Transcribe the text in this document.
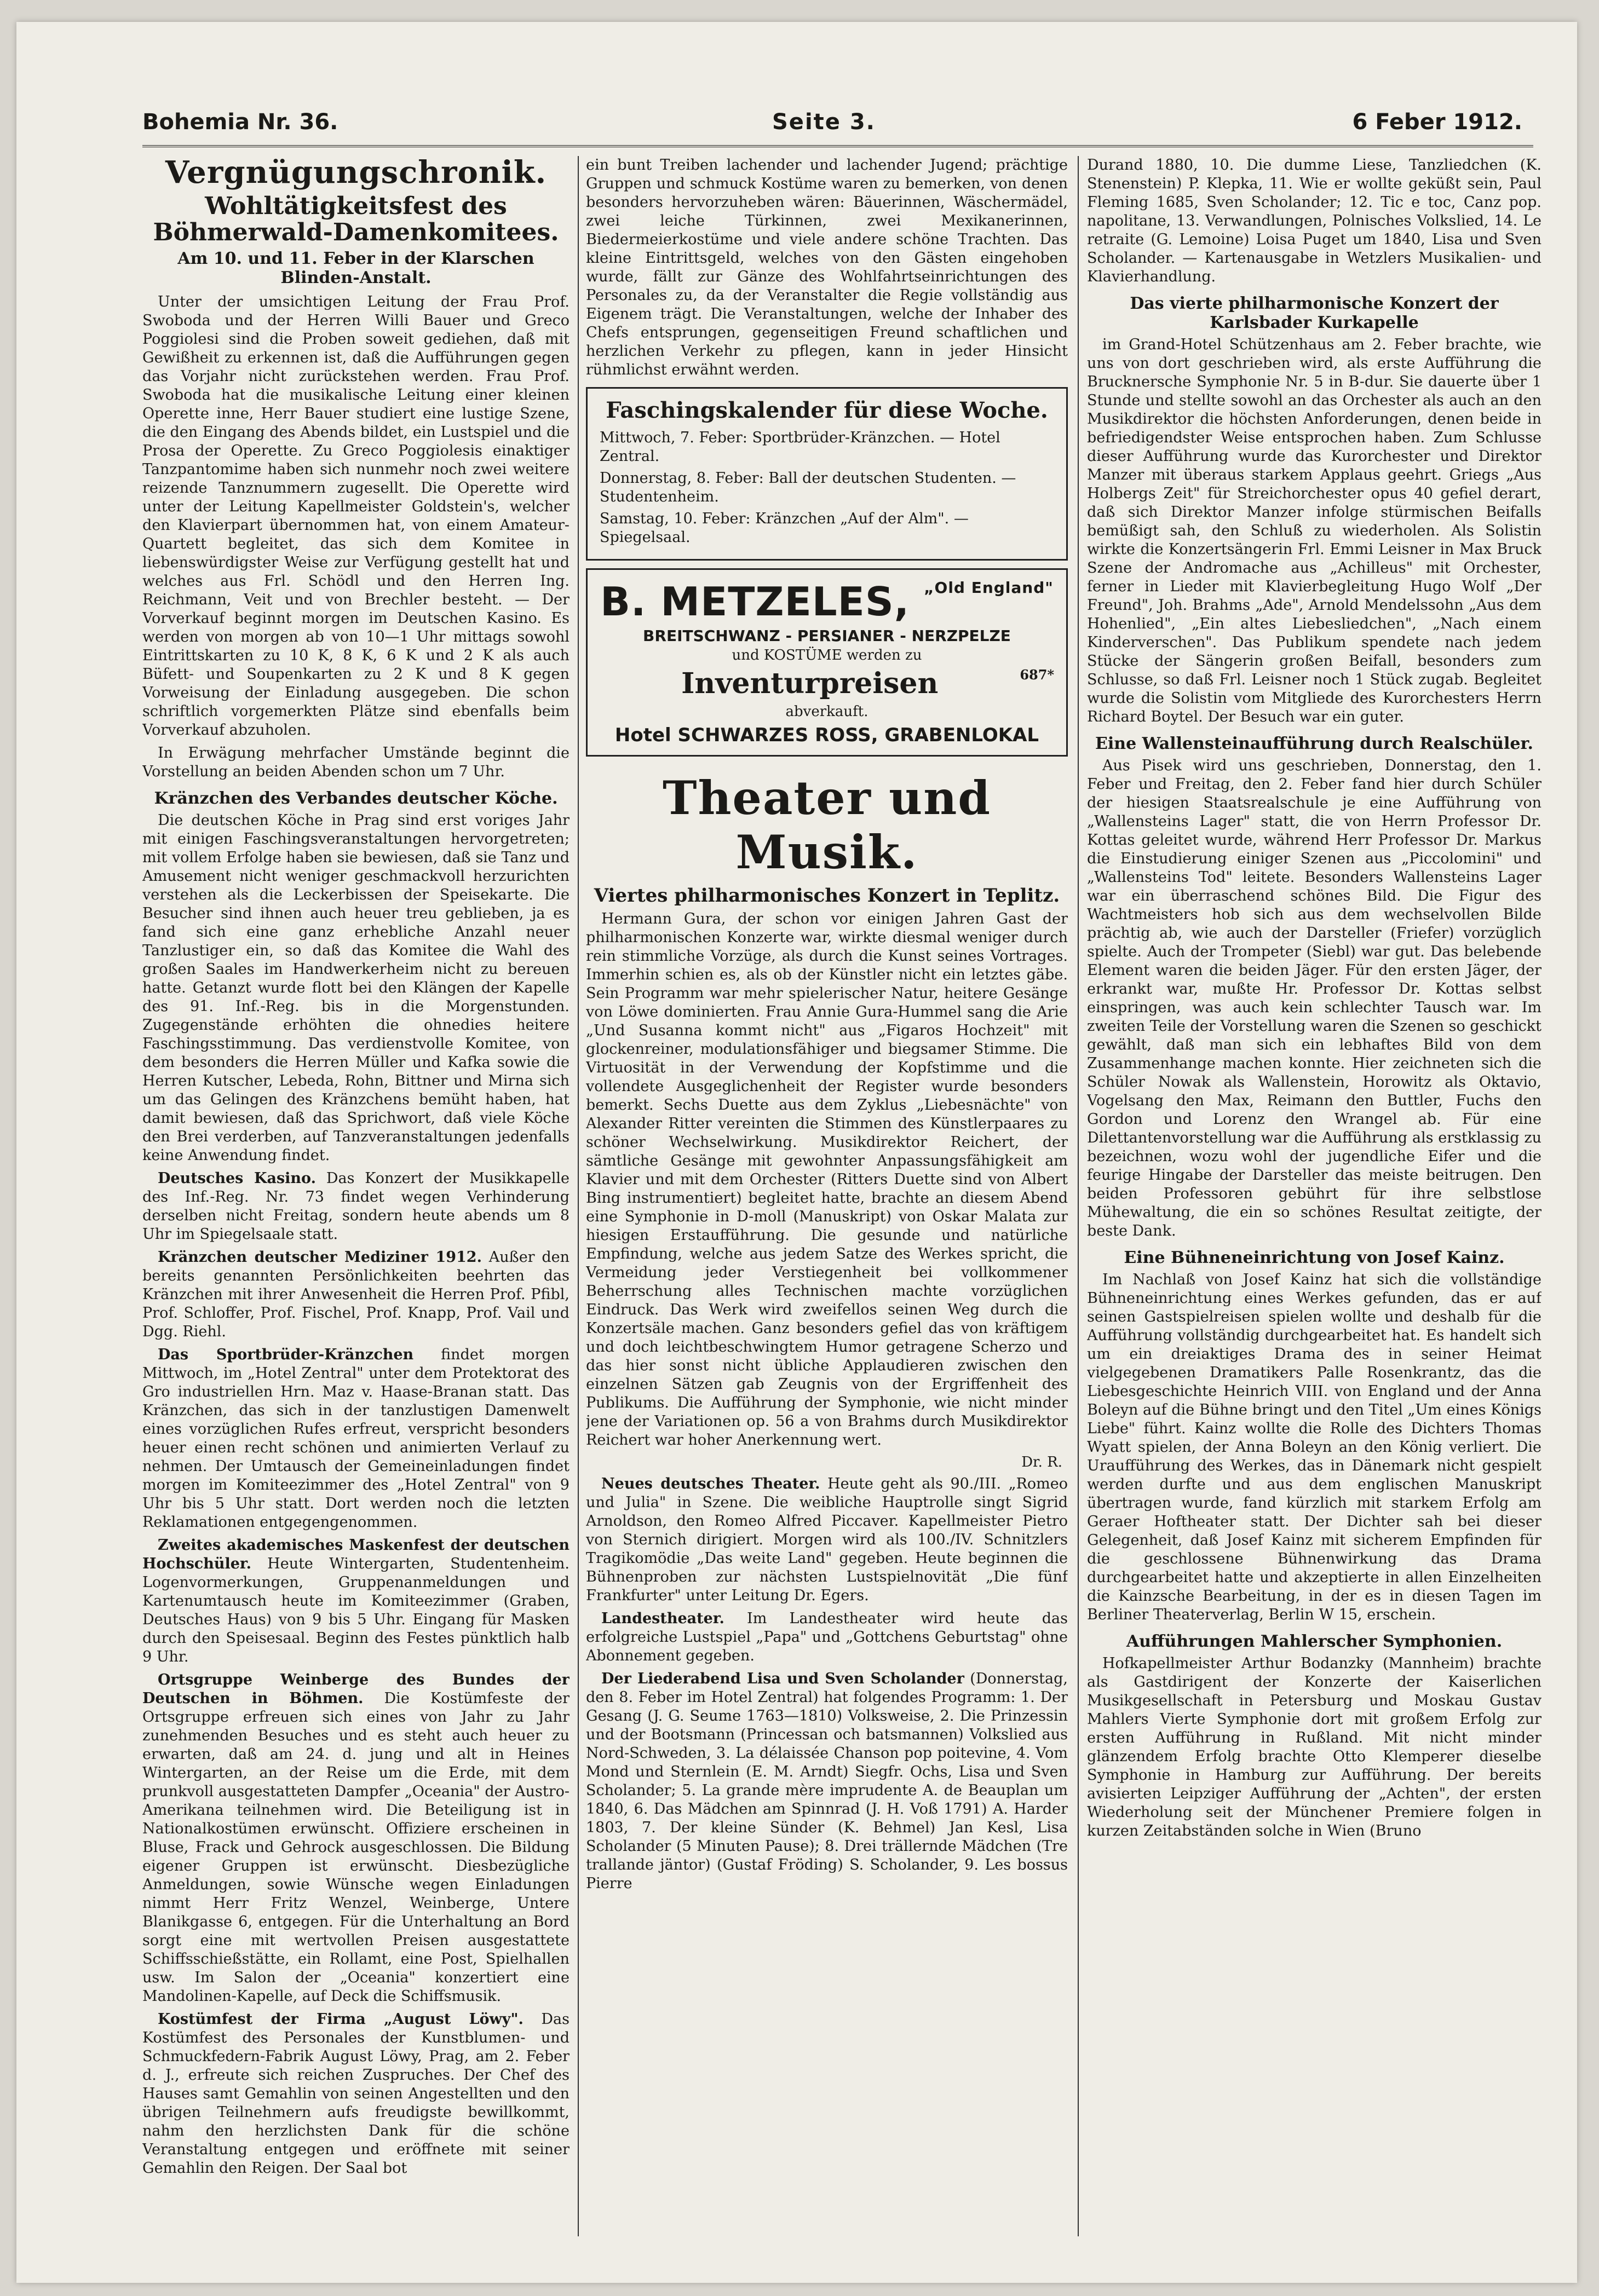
Bohemia Nr. 36.	Seite 3.	6 Feber 1912.
Vergnügungschronik.
Wohltätigkeitsfest des Böhmerwald-Damenkomitees.
Am 10. und 11. Feber in der Klarschen Blinden-Anstalt.

Unter der umsichtigen Leitung der Frau Prof. Swoboda und der Herren Willi Bauer und Greco Poggiolesi sind die Proben soweit gediehen, daß mit Gewißheit zu erkennen ist, daß die Aufführungen gegen das Vorjahr nicht zurückstehen werden. Frau Prof. Swoboda hat die musikalische Leitung einer kleinen Operette inne, Herr Bauer studiert eine lustige Szene, die den Eingang des Abends bildet, ein Lustspiel und die Prosa der Operette. Zu Greco Poggiolesis einaktiger Tanzpantomime haben sich nunmehr noch zwei weitere reizende Tanznummern zugesellt. Die Operette wird unter der Leitung Kapellmeister Goldstein's, welcher den Klavierpart übernommen hat, von einem Amateur-Quartett begleitet, das sich dem Komitee in liebenswürdigster Weise zur Verfügung gestellt hat und welches aus Frl. Schödl und den Herren Ing. Reichmann, Veit und von Brechler besteht. — Der Vorverkauf beginnt morgen im Deutschen Kasino. Es werden von morgen ab von 10—1 Uhr mittags sowohl Eintrittskarten zu 10 K, 8 K, 6 K und 2 K als auch Büfett- und Soupenkarten zu 2 K und 8 K gegen Vorweisung der Einladung ausgegeben. Die schon schriftlich vorgemerkten Plätze sind ebenfalls beim Vorverkauf abzuholen.

In Erwägung mehrfacher Umstände beginnt die Vorstellung an beiden Abenden schon um 7 Uhr.

Kränzchen des Verbandes deutscher Köche.

Die deutschen Köche in Prag sind erst voriges Jahr mit einigen Faschingsveranstaltungen hervorgetreten; mit vollem Erfolge haben sie bewiesen, daß sie Tanz und Amusement nicht weniger geschmackvoll herzurichten verstehen als die Leckerbissen der Speisekarte. Die Besucher sind ihnen auch heuer treu geblieben, ja es fand sich eine ganz erhebliche Anzahl neuer Tanzlustiger ein, so daß das Komitee die Wahl des großen Saales im Handwerkerheim nicht zu bereuen hatte. Getanzt wurde flott bei den Klängen der Kapelle des 91. Inf.-Reg. bis in die Morgenstunden. Zugegenstände erhöhten die ohnedies heitere Faschingsstimmung. Das verdienstvolle Komitee, von dem besonders die Herren Müller und Kafka sowie die Herren Kutscher, Lebeda, Rohn, Bittner und Mirna sich um das Gelingen des Kränzchens bemüht haben, hat damit bewiesen, daß das Sprichwort, daß viele Köche den Brei verderben, auf Tanzveranstaltungen jedenfalls keine Anwendung findet.

Deutsches Kasino. Das Konzert der Musikkapelle des Inf.-Reg. Nr. 73 findet wegen Verhinderung derselben nicht Freitag, sondern heute abends um 8 Uhr im Spiegelsaale statt.

Kränzchen deutscher Mediziner 1912. Außer den bereits genannten Persönlichkeiten beehrten das Kränzchen mit ihrer Anwesenheit die Herren Prof. Pfibl, Prof. Schloffer, Prof. Fischel, Prof. Knapp, Prof. Vail und Dgg. Riehl.

Das Sportbrüder-Kränzchen findet morgen Mittwoch, im „Hotel Zentral" unter dem Protektorat des Gro industriellen Hrn. Maz v. Haase-Branan statt. Das Kränzchen, das sich in der tanzlustigen Damenwelt eines vorzüglichen Rufes erfreut, verspricht besonders heuer einen recht schönen und animierten Verlauf zu nehmen. Der Umtausch der Gemeineinladungen findet morgen im Komiteezimmer des „Hotel Zentral" von 9 Uhr bis 5 Uhr statt. Dort werden noch die letzten Reklamationen entgegengenommen.

Zweites akademisches Maskenfest der deutschen Hochschüler. Heute Wintergarten, Studentenheim. Logenvormerkungen, Gruppenanmeldungen und Kartenumtausch heute im Komiteezimmer (Graben, Deutsches Haus) von 9 bis 5 Uhr. Eingang für Masken durch den Speisesaal. Beginn des Festes pünktlich halb 9 Uhr.

Ortsgruppe Weinberge des Bundes der Deutschen in Böhmen. Die Kostümfeste der Ortsgruppe erfreuen sich eines von Jahr zu Jahr zunehmenden Besuches und es steht auch heuer zu erwarten, daß am 24. d. jung und alt in Heines Wintergarten, an der Reise um die Erde, mit dem prunkvoll ausgestatteten Dampfer „Oceania" der Austro-Amerikana teilnehmen wird. Die Beteiligung ist in Nationalkostümen erwünscht. Offiziere erscheinen in Bluse, Frack und Gehrock ausgeschlossen. Die Bildung eigener Gruppen ist erwünscht. Diesbezügliche Anmeldungen, sowie Wünsche wegen Einladungen nimmt Herr Fritz Wenzel, Weinberge, Untere Blanikgasse 6, entgegen. Für die Unterhaltung an Bord sorgt eine mit wertvollen Preisen ausgestattete Schiffsschießstätte, ein Rollamt, eine Post, Spielhallen usw. Im Salon der „Oceania" konzertiert eine Mandolinen-Kapelle, auf Deck die Schiffsmusik.

Kostümfest der Firma „August Löwy". Das Kostümfest des Personales der Kunstblumen- und Schmuckfedern-Fabrik August Löwy, Prag, am 2. Feber d. J., erfreute sich reichen Zuspruches. Der Chef des Hauses samt Gemahlin von seinen Angestellten und den übrigen Teilnehmern aufs freudigste bewillkommt, nahm den herzlichsten Dank für die schöne Veranstaltung entgegen und eröffnete mit seiner Gemahlin den Reigen. Der Saal bot

ein bunt Treiben lachender und lachender Jugend; prächtige Gruppen und schmuck Kostüme waren zu bemerken, von denen besonders hervorzuheben wären: Bäuerinnen, Wäschermädel, zwei leiche Türkinnen, zwei Mexikanerinnen, Biedermeierkostüme und viele andere schöne Trachten. Das kleine Eintrittsgeld, welches von den Gästen eingehoben wurde, fällt zur Gänze des Wohlfahrtseinrichtungen des Personales zu, da der Veranstalter die Regie vollständig aus Eigenem trägt. Die Veranstaltungen, welche der Inhaber des Chefs entsprungen, gegenseitigen Freund schaftlichen und herzlichen Verkehr zu pflegen, kann in jeder Hinsicht rühmlichst erwähnt werden.

Faschingskalender für diese Woche.
Mittwoch, 7. Feber: Sportbrüder-Kränzchen. — Hotel Zentral.
Donnerstag, 8. Feber: Ball der deutschen Studenten. — Studentenheim.
Samstag, 10. Feber: Kränzchen „Auf der Alm". — Spiegelsaal.
B. METZELES, $^{„Old England"}$
BREITSCHWANZ - PERSIANER - NERZPELZE
und KOSTÜME werden zu
Inventurpreisen	687*
abverkauft.
Hotel SCHWARZES ROSS, GRABENLOKAL
Theater und Musik.
Viertes philharmonisches Konzert in Teplitz.

Hermann Gura, der schon vor einigen Jahren Gast der philharmonischen Konzerte war, wirkte diesmal weniger durch rein stimmliche Vorzüge, als durch die Kunst seines Vortrages. Immerhin schien es, als ob der Künstler nicht ein letztes gäbe. Sein Programm war mehr spielerischer Natur, heitere Gesänge von Löwe dominierten. Frau Annie Gura-Hummel sang die Arie „Und Susanna kommt nicht" aus „Figaros Hochzeit" mit glockenreiner, modulationsfähiger und biegsamer Stimme. Die Virtuosität in der Verwendung der Kopfstimme und die vollendete Ausgeglichenheit der Register wurde besonders bemerkt. Sechs Duette aus dem Zyklus „Liebesnächte" von Alexander Ritter vereinten die Stimmen des Künstlerpaares zu schöner Wechselwirkung. Musikdirektor Reichert, der sämtliche Gesänge mit gewohnter Anpassungsfähigkeit am Klavier und mit dem Orchester (Ritters Duette sind von Albert Bing instrumentiert) begleitet hatte, brachte an diesem Abend eine Symphonie in D-moll (Manuskript) von Oskar Malata zur hiesigen Erstaufführung. Die gesunde und natürliche Empfindung, welche aus jedem Satze des Werkes spricht, die Vermeidung jeder Verstiegenheit bei vollkommener Beherrschung alles Technischen machte vorzüglichen Eindruck. Das Werk wird zweifellos seinen Weg durch die Konzertsäle machen. Ganz besonders gefiel das von kräftigem und doch leichtbeschwingtem Humor getragene Scherzo und das hier sonst nicht übliche Applaudieren zwischen den einzelnen Sätzen gab Zeugnis von der Ergriffenheit des Publikums. Die Aufführung der Symphonie, wie nicht minder jene der Variationen op. 56 a von Brahms durch Musikdirektor Reichert war hoher Anerkennung wert.

Dr. R.

Neues deutsches Theater. Heute geht als 90./III. „Romeo und Julia" in Szene. Die weibliche Hauptrolle singt Sigrid Arnoldson, den Romeo Alfred Piccaver. Kapellmeister Pietro von Sternich dirigiert. Morgen wird als 100./IV. Schnitzlers Tragikomödie „Das weite Land" gegeben. Heute beginnen die Bühnenproben zur nächsten Lustspielnovität „Die fünf Frankfurter" unter Leitung Dr. Egers.

Landestheater. Im Landestheater wird heute das erfolgreiche Lustspiel „Papa" und „Gottchens Geburtstag" ohne Abonnement gegeben.

Der Liederabend Lisa und Sven Scholander (Donnerstag, den 8. Feber im Hotel Zentral) hat folgendes Programm: 1. Der Gesang (J. G. Seume 1763—1810) Volksweise, 2. Die Prinzessin und der Bootsmann (Princessan och batsmannen) Volkslied aus Nord-Schweden, 3. La délaissée Chanson pop poitevine, 4. Vom Mond und Sternlein (E. M. Arndt) Siegfr. Ochs, Lisa und Sven Scholander; 5. La grande mère imprudente A. de Beauplan um 1840, 6. Das Mädchen am Spinnrad (J. H. Voß 1791) A. Harder 1803, 7. Der kleine Sünder (K. Behmel) Jan Kesl, Lisa Scholander (5 Minuten Pause); 8. Drei trällernde Mädchen (Tre trallande jäntor) (Gustaf Fröding) S. Scholander, 9. Les bossus Pierre

Durand 1880, 10. Die dumme Liese, Tanzliedchen (K. Stenenstein) P. Klepka, 11. Wie er wollte geküßt sein, Paul Fleming 1685, Sven Scholander; 12. Tic e toc, Canz pop. napolitane, 13. Verwandlungen, Polnisches Volkslied, 14. Le retraite (G. Lemoine) Loisa Puget um 1840, Lisa und Sven Scholander. — Kartenausgabe in Wetzlers Musikalien- und Klavierhandlung.

Das vierte philharmonische Konzert der Karlsbader Kurkapelle

im Grand-Hotel Schützenhaus am 2. Feber brachte, wie uns von dort geschrieben wird, als erste Aufführung die Brucknersche Symphonie Nr. 5 in B-dur. Sie dauerte über 1 Stunde und stellte sowohl an das Orchester als auch an den Musikdirektor die höchsten Anforderungen, denen beide in befriedigendster Weise entsprochen haben. Zum Schlusse dieser Aufführung wurde das Kurorchester und Direktor Manzer mit überaus starkem Applaus geehrt. Griegs „Aus Holbergs Zeit" für Streichorchester opus 40 gefiel derart, daß sich Direktor Manzer infolge stürmischen Beifalls bemüßigt sah, den Schluß zu wiederholen. Als Solistin wirkte die Konzertsängerin Frl. Emmi Leisner in Max Bruck Szene der Andromache aus „Achilleus" mit Orchester, ferner in Lieder mit Klavierbegleitung Hugo Wolf „Der Freund", Joh. Brahms „Ade", Arnold Mendelssohn „Aus dem Hohenlied", „Ein altes Liebesliedchen", „Nach einem Kinderverschen". Das Publikum spendete nach jedem Stücke der Sängerin großen Beifall, besonders zum Schlusse, so daß Frl. Leisner noch 1 Stück zugab. Begleitet wurde die Solistin vom Mitgliede des Kurorchesters Herrn Richard Boytel. Der Besuch war ein guter.

Eine Wallensteinaufführung durch Realschüler.

Aus Pisek wird uns geschrieben, Donnerstag, den 1. Feber und Freitag, den 2. Feber fand hier durch Schüler der hiesigen Staatsrealschule je eine Aufführung von „Wallensteins Lager" statt, die von Herrn Professor Dr. Kottas geleitet wurde, während Herr Professor Dr. Markus die Einstudierung einiger Szenen aus „Piccolomini" und „Wallensteins Tod" leitete. Besonders Wallensteins Lager war ein überraschend schönes Bild. Die Figur des Wachtmeisters hob sich aus dem wechselvollen Bilde prächtig ab, wie auch der Darsteller (Friefer) vorzüglich spielte. Auch der Trompeter (Siebl) war gut. Das belebende Element waren die beiden Jäger. Für den ersten Jäger, der erkrankt war, mußte Hr. Professor Dr. Kottas selbst einspringen, was auch kein schlechter Tausch war. Im zweiten Teile der Vorstellung waren die Szenen so geschickt gewählt, daß man sich ein lebhaftes Bild von dem Zusammenhange machen konnte. Hier zeichneten sich die Schüler Nowak als Wallenstein, Horowitz als Oktavio, Vogelsang den Max, Reimann den Buttler, Fuchs den Gordon und Lorenz den Wrangel ab. Für eine Dilettantenvorstellung war die Aufführung als erstklassig zu bezeichnen, wozu wohl der jugendliche Eifer und die feurige Hingabe der Darsteller das meiste beitrugen. Den beiden Professoren gebührt für ihre selbstlose Mühewaltung, die ein so schönes Resultat zeitigte, der beste Dank.

Eine Bühneneinrichtung von Josef Kainz.

Im Nachlaß von Josef Kainz hat sich die vollständige Bühneneinrichtung eines Werkes gefunden, das er auf seinen Gastspielreisen spielen wollte und deshalb für die Aufführung vollständig durchgearbeitet hat. Es handelt sich um ein dreiaktiges Drama des in seiner Heimat vielgegebenen Dramatikers Palle Rosenkrantz, das die Liebesgeschichte Heinrich VIII. von England und der Anna Boleyn auf die Bühne bringt und den Titel „Um eines Königs Liebe" führt. Kainz wollte die Rolle des Dichters Thomas Wyatt spielen, der Anna Boleyn an den König verliert. Die Uraufführung des Werkes, das in Dänemark nicht gespielt werden durfte und aus dem englischen Manuskript übertragen wurde, fand kürzlich mit starkem Erfolg am Geraer Hoftheater statt. Der Dichter sah bei dieser Gelegenheit, daß Josef Kainz mit sicherem Empfinden für die geschlossene Bühnenwirkung das Drama durchgearbeitet hatte und akzeptierte in allen Einzelheiten die Kainzsche Bearbeitung, in der es in diesen Tagen im Berliner Theaterverlag, Berlin W 15, erschein.

Aufführungen Mahlerscher Symphonien.

Hofkapellmeister Arthur Bodanzky (Mannheim) brachte als Gastdirigent der Konzerte der Kaiserlichen Musikgesellschaft in Petersburg und Moskau Gustav Mahlers Vierte Symphonie dort mit großem Erfolg zur ersten Aufführung in Rußland. Mit nicht minder glänzendem Erfolg brachte Otto Klemperer dieselbe Symphonie in Hamburg zur Aufführung. Der bereits avisierten Leipziger Aufführung der „Achten", der ersten Wiederholung seit der Münchener Premiere folgen in kurzen Zeitabständen solche in Wien (Bruno
